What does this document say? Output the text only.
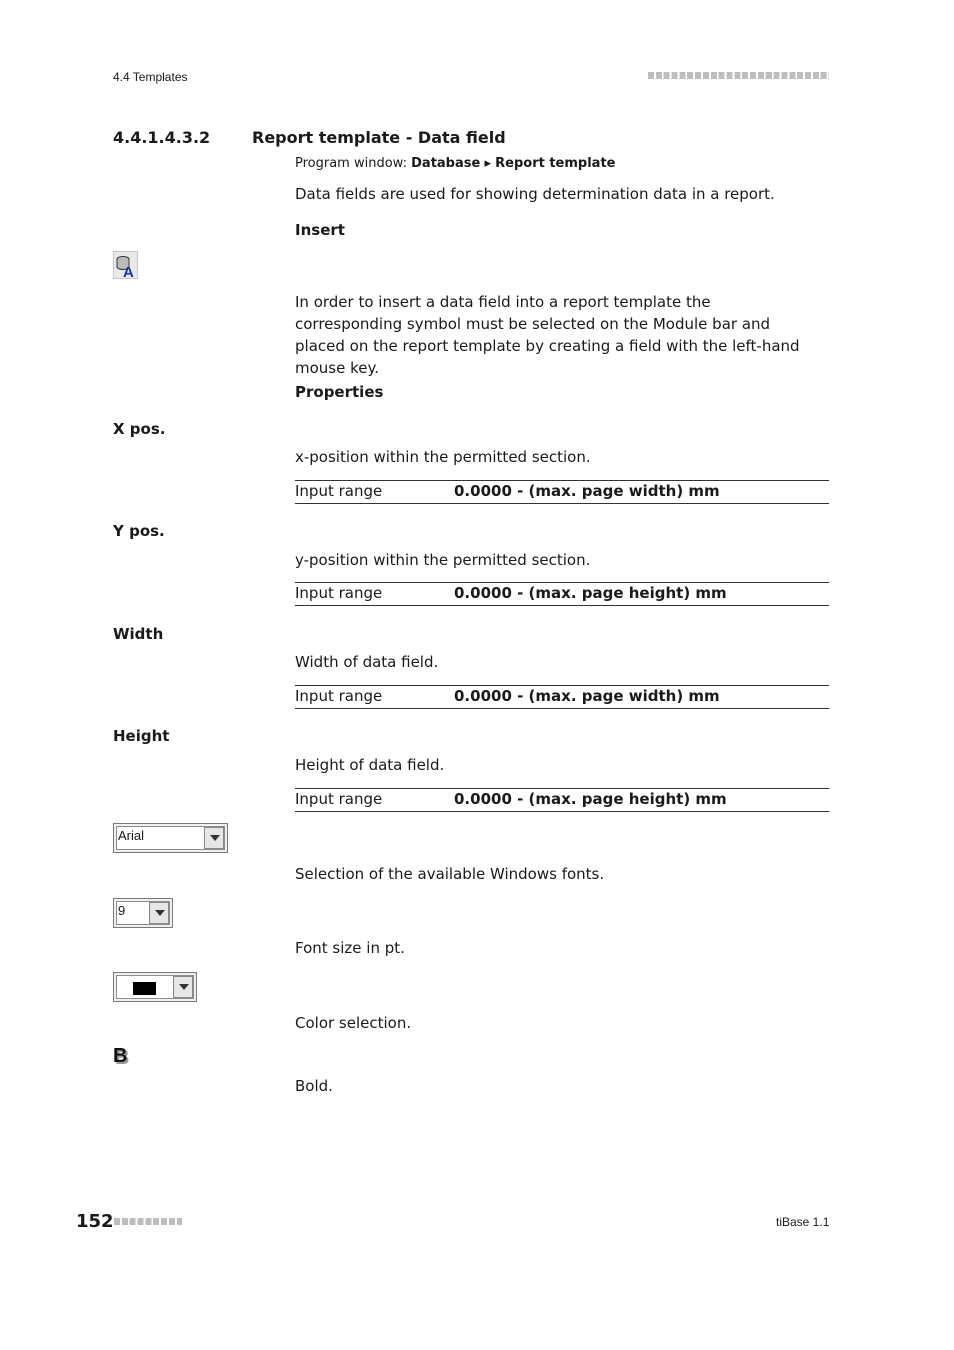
4.4 Templates
4.4.1.4.3.2	Report template - Data field
Program window: Database ▸ Report template
Data fields are used for showing determination data in a report.
Insert
A
In order to insert a data field into a report template the corresponding symbol must be selected on the Module bar and placed on the report template by creating a field with the left-hand mouse key.
Properties
X pos.
x-position within the permitted section.
Input range	0.0000 - (max. page width) mm
Y pos.
y-position within the permitted section.
Input range	0.0000 - (max. page height) mm
Width
Width of data field.
Input range	0.0000 - (max. page width) mm
Height
Height of data field.
Input range	0.0000 - (max. page height) mm
Arial
Selection of the available Windows fonts.
9
Font size in pt.
Color selection.
B
Bold.
152	tiBase 1.1
